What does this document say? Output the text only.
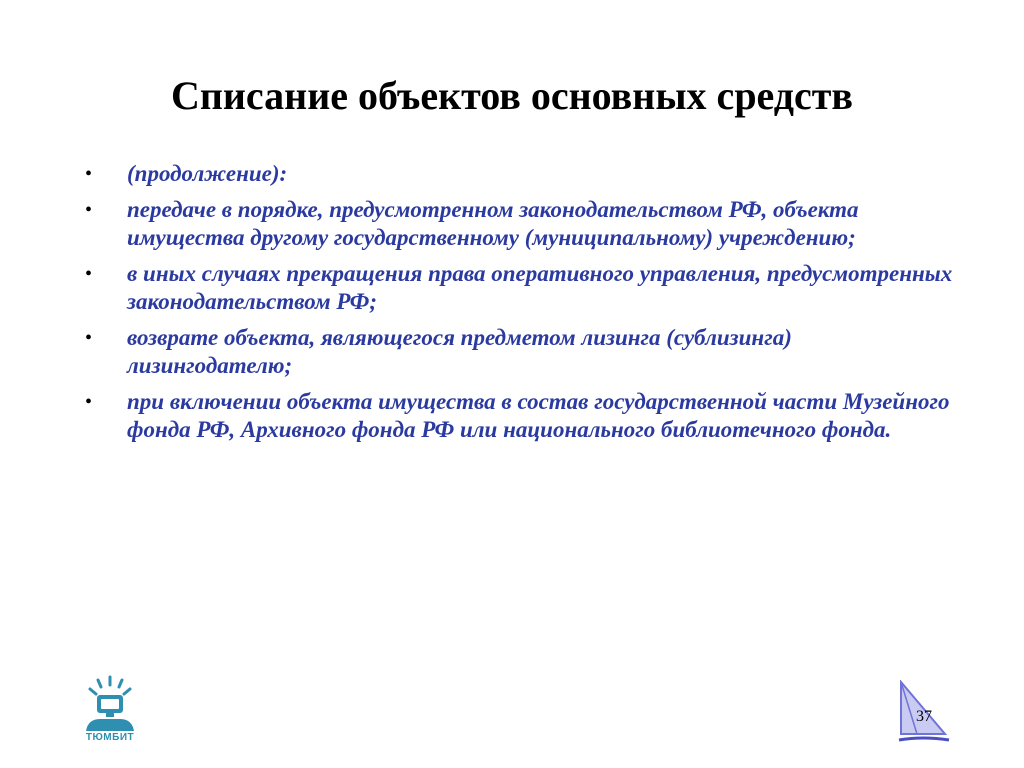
Списание объектов основных средств
• (продолжение):
• передаче в порядке, предусмотренном законодательством РФ, объекта имущества другому государственному (муниципальному) учреждению;
• в иных случаях прекращения права оперативного управления, предусмотренных законодательством РФ;
• возврате объекта, являющегося предметом лизинга (сублизинга) лизингодателю;
• при включении объекта имущества в состав государственной части Музейного фонда РФ, Архивного фонда РФ или национального библиотечного фонда.
ТЮМБИТ
37
